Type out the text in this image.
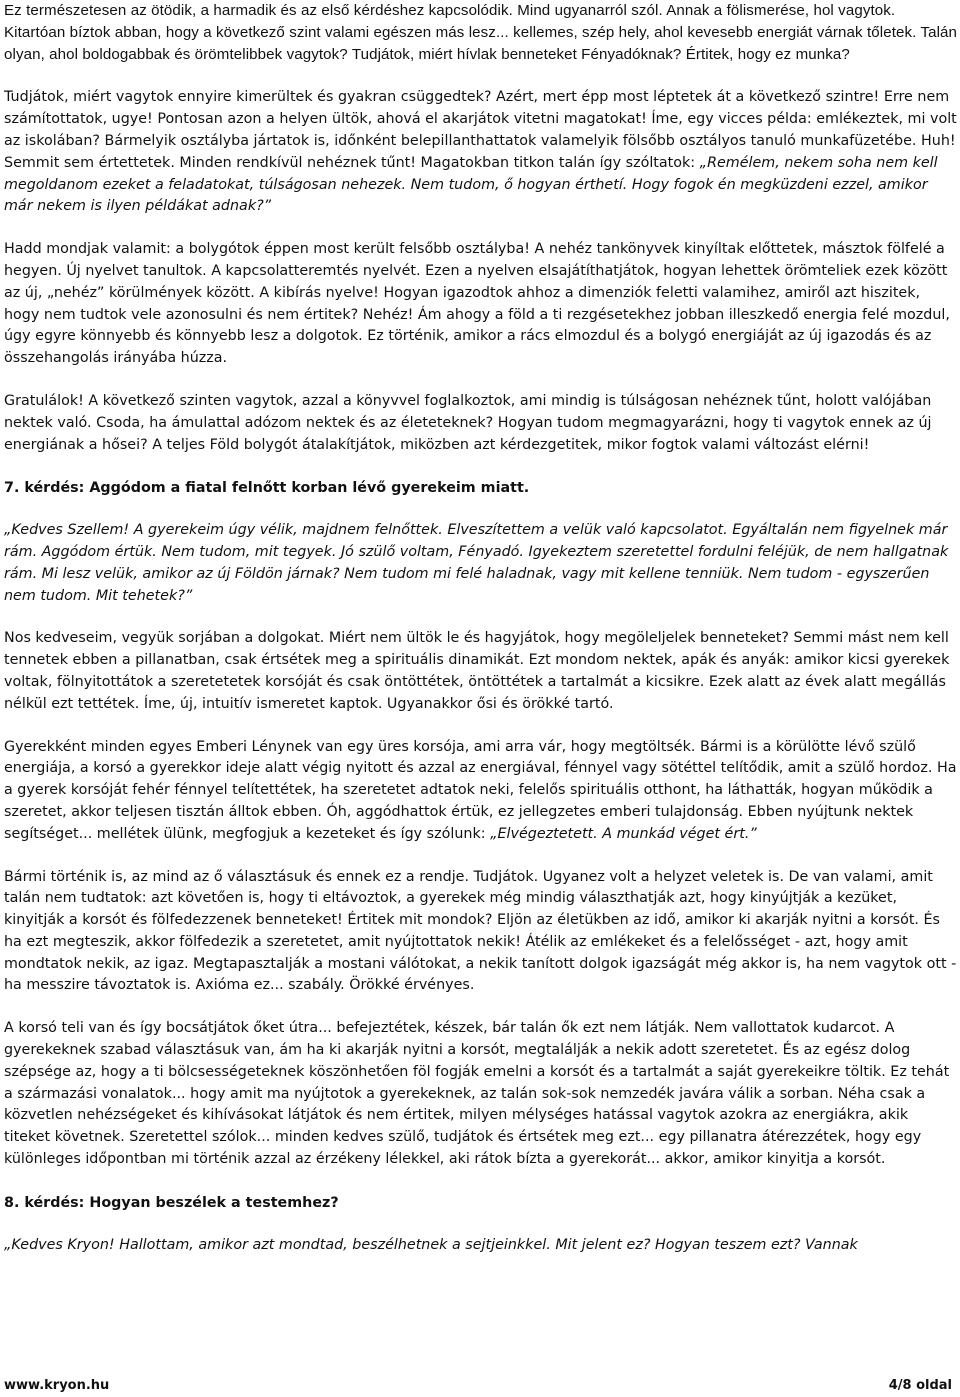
Ez természetesen az ötödik, a harmadik és az első kérdéshez kapcsolódik. Mind ugyanarról szól. Annak a fölismerése, hol vagytok. Kitartóan bíztok abban, hogy a következő szint valami egészen más lesz... kellemes, szép hely, ahol kevesebb energiát várnak tőletek. Talán olyan, ahol boldogabbak és örömtelibbek vagytok? Tudjátok, miért hívlak benneteket Fényadóknak? Értitek, hogy ez munka?

Tudjátok, miért vagytok ennyire kimerültek és gyakran csüggedtek? Azért, mert épp most léptetek át a következő szintre! Erre nem számítottatok, ugye! Pontosan azon a helyen ültök, ahová el akarjátok vitetni magatokat! Íme, egy vicces példa: emlékeztek, mi volt az iskolában? Bármelyik osztályba jártatok is, időnként belepillanthattatok valamelyik fölsőbb osztályos tanuló munkafüzetébe. Huh! Semmit sem értettetek. Minden rendkívül nehéznek tűnt! Magatokban titkon talán így szóltatok: „Remélem, nekem soha nem kell megoldanom ezeket a feladatokat, túlságosan nehezek. Nem tudom, ő hogyan érthetí. Hogy fogok én megküzdeni ezzel, amikor már nekem is ilyen példákat adnak?”

Hadd mondjak valamit: a bolygótok éppen most került felsőbb osztályba! A nehéz tankönyvek kinyíltak előttetek, másztok fölfelé a hegyen. Új nyelvet tanultok. A kapcsolatteremtés nyelvét. Ezen a nyelven elsajátíthatjátok, hogyan lehettek örömteliek ezek között az új, „nehéz” körülmények között. A kibírás nyelve! Hogyan igazodtok ahhoz a dimenziók feletti valamihez, amiről azt hiszitek, hogy nem tudtok vele azonosulni és nem értitek? Nehéz! Ám ahogy a föld a ti rezgésetekhez jobban illeszkedő energia felé mozdul, úgy egyre könnyebb és könnyebb lesz a dolgotok. Ez történik, amikor a rács elmozdul és a bolygó energiáját az új igazodás és az összehangolás irányába húzza.

Gratulálok! A következő szinten vagytok, azzal a könyvvel foglalkoztok, ami mindig is túlságosan nehéznek tűnt, holott valójában nektek való. Csoda, ha ámulattal adózom nektek és az életeteknek? Hogyan tudom megmagyarázni, hogy ti vagytok ennek az új energiának a hősei? A teljes Föld bolygót átalakítjátok, miközben azt kérdezgetitek, mikor fogtok valami változást elérni!

7. kérdés: Aggódom a fiatal felnőtt korban lévő gyerekeim miatt.

„Kedves Szellem! A gyerekeim úgy vélik, majdnem felnőttek. Elveszítettem a velük való kapcsolatot. Egyáltalán nem figyelnek már rám. Aggódom értük. Nem tudom, mit tegyek. Jó szülő voltam, Fényadó. Igyekeztem szeretettel fordulni feléjük, de nem hallgatnak rám. Mi lesz velük, amikor az új Földön járnak? Nem tudom mi felé haladnak, vagy mit kellene tenniük. Nem tudom - egyszerűen nem tudom. Mit tehetek?”

Nos kedveseim, vegyük sorjában a dolgokat. Miért nem ültök le és hagyjátok, hogy megöleljelek benneteket? Semmi mást nem kell tennetek ebben a pillanatban, csak értsétek meg a spirituális dinamikát. Ezt mondom nektek, apák és anyák: amikor kicsi gyerekek voltak, fölnyitottátok a szeretetetek korsóját és csak öntöttétek, öntöttétek a tartalmát a kicsikre. Ezek alatt az évek alatt megállás nélkül ezt tettétek. Íme, új, intuitív ismeretet kaptok. Ugyanakkor ősi és örökké tartó.

Gyerekként minden egyes Emberi Lénynek van egy üres korsója, ami arra vár, hogy megtöltsék. Bármi is a körülötte lévő szülő energiája, a korsó a gyerekkor ideje alatt végig nyitott és azzal az energiával, fénnyel vagy sötéttel telítődik, amit a szülő hordoz. Ha a gyerek korsóját fehér fénnyel telítettétek, ha szeretetet adtatok neki, felelős spirituális otthont, ha láthatták, hogyan működik a szeretet, akkor teljesen tisztán álltok ebben. Óh, aggódhattok értük, ez jellegzetes emberi tulajdonság. Ebben nyújtunk nektek segítséget... mellétek ülünk, megfogjuk a kezeteket és így szólunk: „Elvégeztetett. A munkád véget ért.”

Bármi történik is, az mind az ő választásuk és ennek ez a rendje. Tudjátok. Ugyanez volt a helyzet veletek is. De van valami, amit talán nem tudtatok: azt követően is, hogy ti eltávoztok, a gyerekek még mindig választhatják azt, hogy kinyújtják a kezüket, kinyitják a korsót és fölfedezzenek benneteket! Értitek mit mondok? Eljön az életükben az idő, amikor ki akarják nyitni a korsót. És ha ezt megteszik, akkor fölfedezik a szeretetet, amit nyújtottatok nekik! Átélik az emlékeket és a felelősséget - azt, hogy amit mondtatok nekik, az igaz. Megtapasztalják a mostani válótokat, a nekik tanított dolgok igazságát még akkor is, ha nem vagytok ott - ha messzire távoztatok is. Axióma ez... szabály. Örökké érvényes.

A korsó teli van és így bocsátjátok őket útra... befejeztétek, készek, bár talán ők ezt nem látják. Nem vallottatok kudarcot. A gyerekeknek szabad választásuk van, ám ha ki akarják nyitni a korsót, megtalálják a nekik adott szeretetet. És az egész dolog szépsége az, hogy a ti bölcsességeteknek köszönhetően föl fogják emelni a korsót és a tartalmát a saját gyerekeikre töltik. Ez tehát a származási vonalatok... hogy amit ma nyújtotok a gyerekeknek, az talán sok-sok nemzedék javára válik a sorban. Néha csak a közvetlen nehézségeket és kihívásokat látjátok és nem értitek, milyen mélységes hatással vagytok azokra az energiákra, akik titeket követnek. Szeretettel szólok... minden kedves szülő, tudjátok és értsétek meg ezt... egy pillanatra átérezzétek, hogy egy különleges időpontban mi történik azzal az érzékeny lélekkel, aki rátok bízta a gyerekorát... akkor, amikor kinyitja a korsót.

8. kérdés: Hogyan beszélek a testemhez?

„Kedves Kryon! Hallottam, amikor azt mondtad, beszélhetnek a sejtjeinkkel. Mit jelent ez? Hogyan teszem ezt? Vannak

www.kryon.hu	4/8 oldal
